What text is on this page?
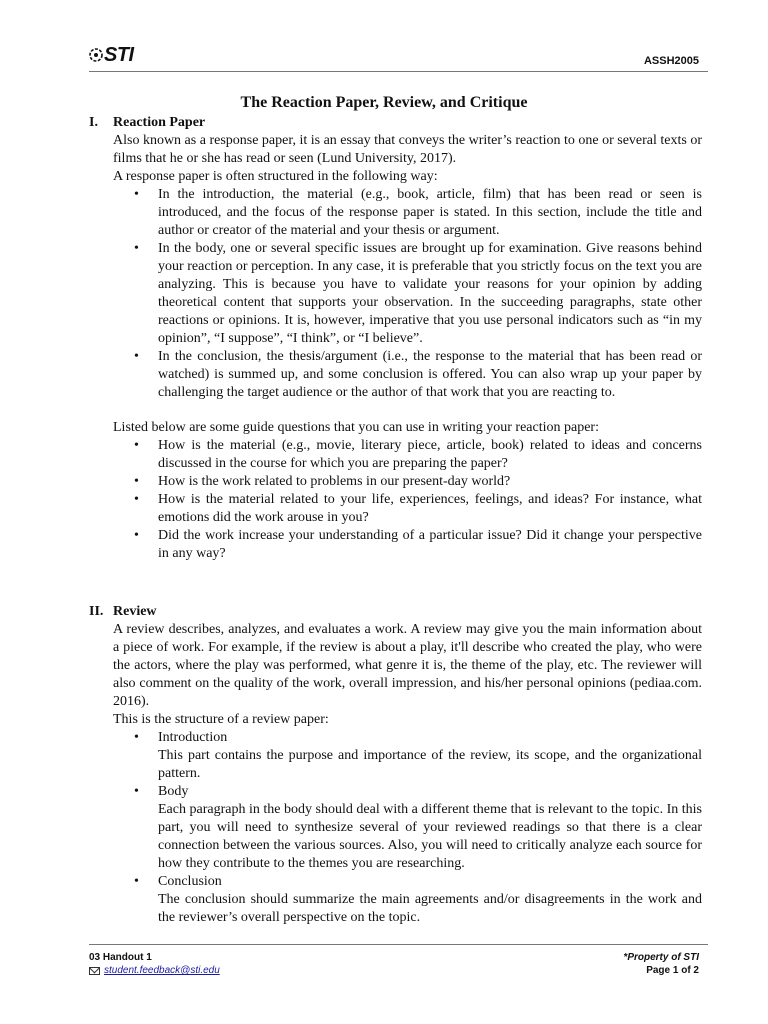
STI	ASSH2005
The Reaction Paper, Review, and Critique
I.	Reaction Paper
Also known as a response paper, it is an essay that conveys the writer’s reaction to one or several texts or films that he or she has read or seen (Lund University, 2017).
A response paper is often structured in the following way:
• In the introduction, the material (e.g., book, article, film) that has been read or seen is introduced, and the focus of the response paper is stated. In this section, include the title and author or creator of the material and your thesis or argument.
• In the body, one or several specific issues are brought up for examination. Give reasons behind your reaction or perception. In any case, it is preferable that you strictly focus on the text you are analyzing. This is because you have to validate your reasons for your opinion by adding theoretical content that supports your observation. In the succeeding paragraphs, state other reactions or opinions. It is, however, imperative that you use personal indicators such as “in my opinion”, “I suppose”, “I think”, or “I believe”.
• In the conclusion, the thesis/argument (i.e., the response to the material that has been read or watched) is summed up, and some conclusion is offered. You can also wrap up your paper by challenging the target audience or the author of that work that you are reacting to.
Listed below are some guide questions that you can use in writing your reaction paper:
• How is the material (e.g., movie, literary piece, article, book) related to ideas and concerns discussed in the course for which you are preparing the paper?
• How is the work related to problems in our present-day world?
• How is the material related to your life, experiences, feelings, and ideas? For instance, what emotions did the work arouse in you?
• Did the work increase your understanding of a particular issue? Did it change your perspective in any way?
II. Review
A review describes, analyzes, and evaluates a work. A review may give you the main information about a piece of work. For example, if the review is about a play, it'll describe who created the play, who were the actors, where the play was performed, what genre it is, the theme of the play, etc. The reviewer will also comment on the quality of the work, overall impression, and his/her personal opinions (pediaa.com. 2016).
This is the structure of a review paper:
• Introduction
This part contains the purpose and importance of the review, its scope, and the organizational pattern.
• Body
Each paragraph in the body should deal with a different theme that is relevant to the topic. In this part, you will need to synthesize several of your reviewed readings so that there is a clear connection between the various sources. Also, you will need to critically analyze each source for how they contribute to the themes you are researching.
• Conclusion
The conclusion should summarize the main agreements and/or disagreements in the work and the reviewer’s overall perspective on the topic.
03 Handout 1
student.feedback@sti.edu
*Property of STI
Page 1 of 2
